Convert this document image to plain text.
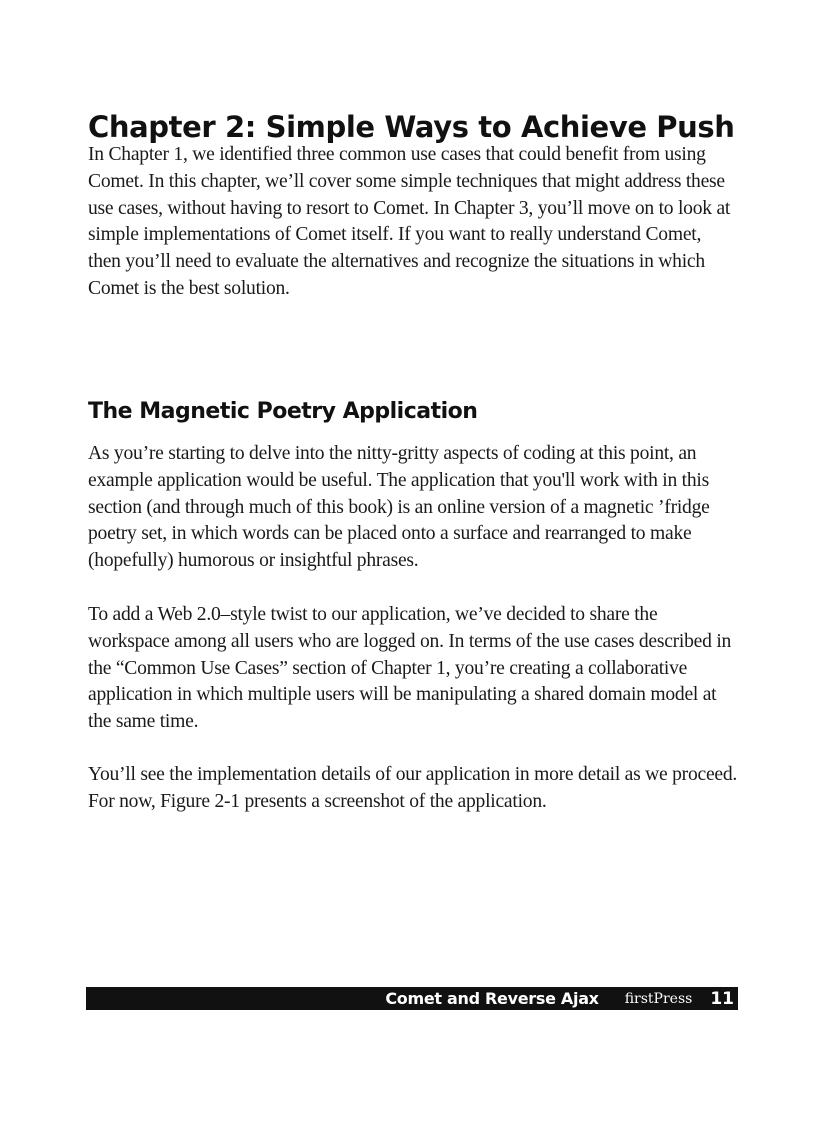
Chapter 2: Simple Ways to Achieve Push

In Chapter 1, we identified three common use cases that could benefit from using Comet. In this chapter, we’ll cover some simple techniques that might address these use cases, without having to resort to Comet. In Chapter 3, you’ll move on to look at simple implementations of Comet itself. If you want to really understand Comet, then you’ll need to evaluate the alternatives and recognize the situations in which Comet is the best solution.

The Magnetic Poetry Application

As you’re starting to delve into the nitty-gritty aspects of coding at this point, an example application would be useful. The application that you'll work with in this section (and through much of this book) is an online version of a magnetic ’fridge poetry set, in which words can be placed onto a surface and rearranged to make (hopefully) humorous or insightful phrases.

To add a Web 2.0–style twist to our application, we’ve decided to share the workspace among all users who are logged on. In terms of the use cases described in the “Common Use Cases” section of Chapter 1, you’re creating a collaborative application in which multiple users will be manipulating a shared domain model at the same time.

You’ll see the implementation details of our application in more detail as we proceed. For now, Figure 2-1 presents a screenshot of the application.

Comet and Reverse Ajax firstPress 11
